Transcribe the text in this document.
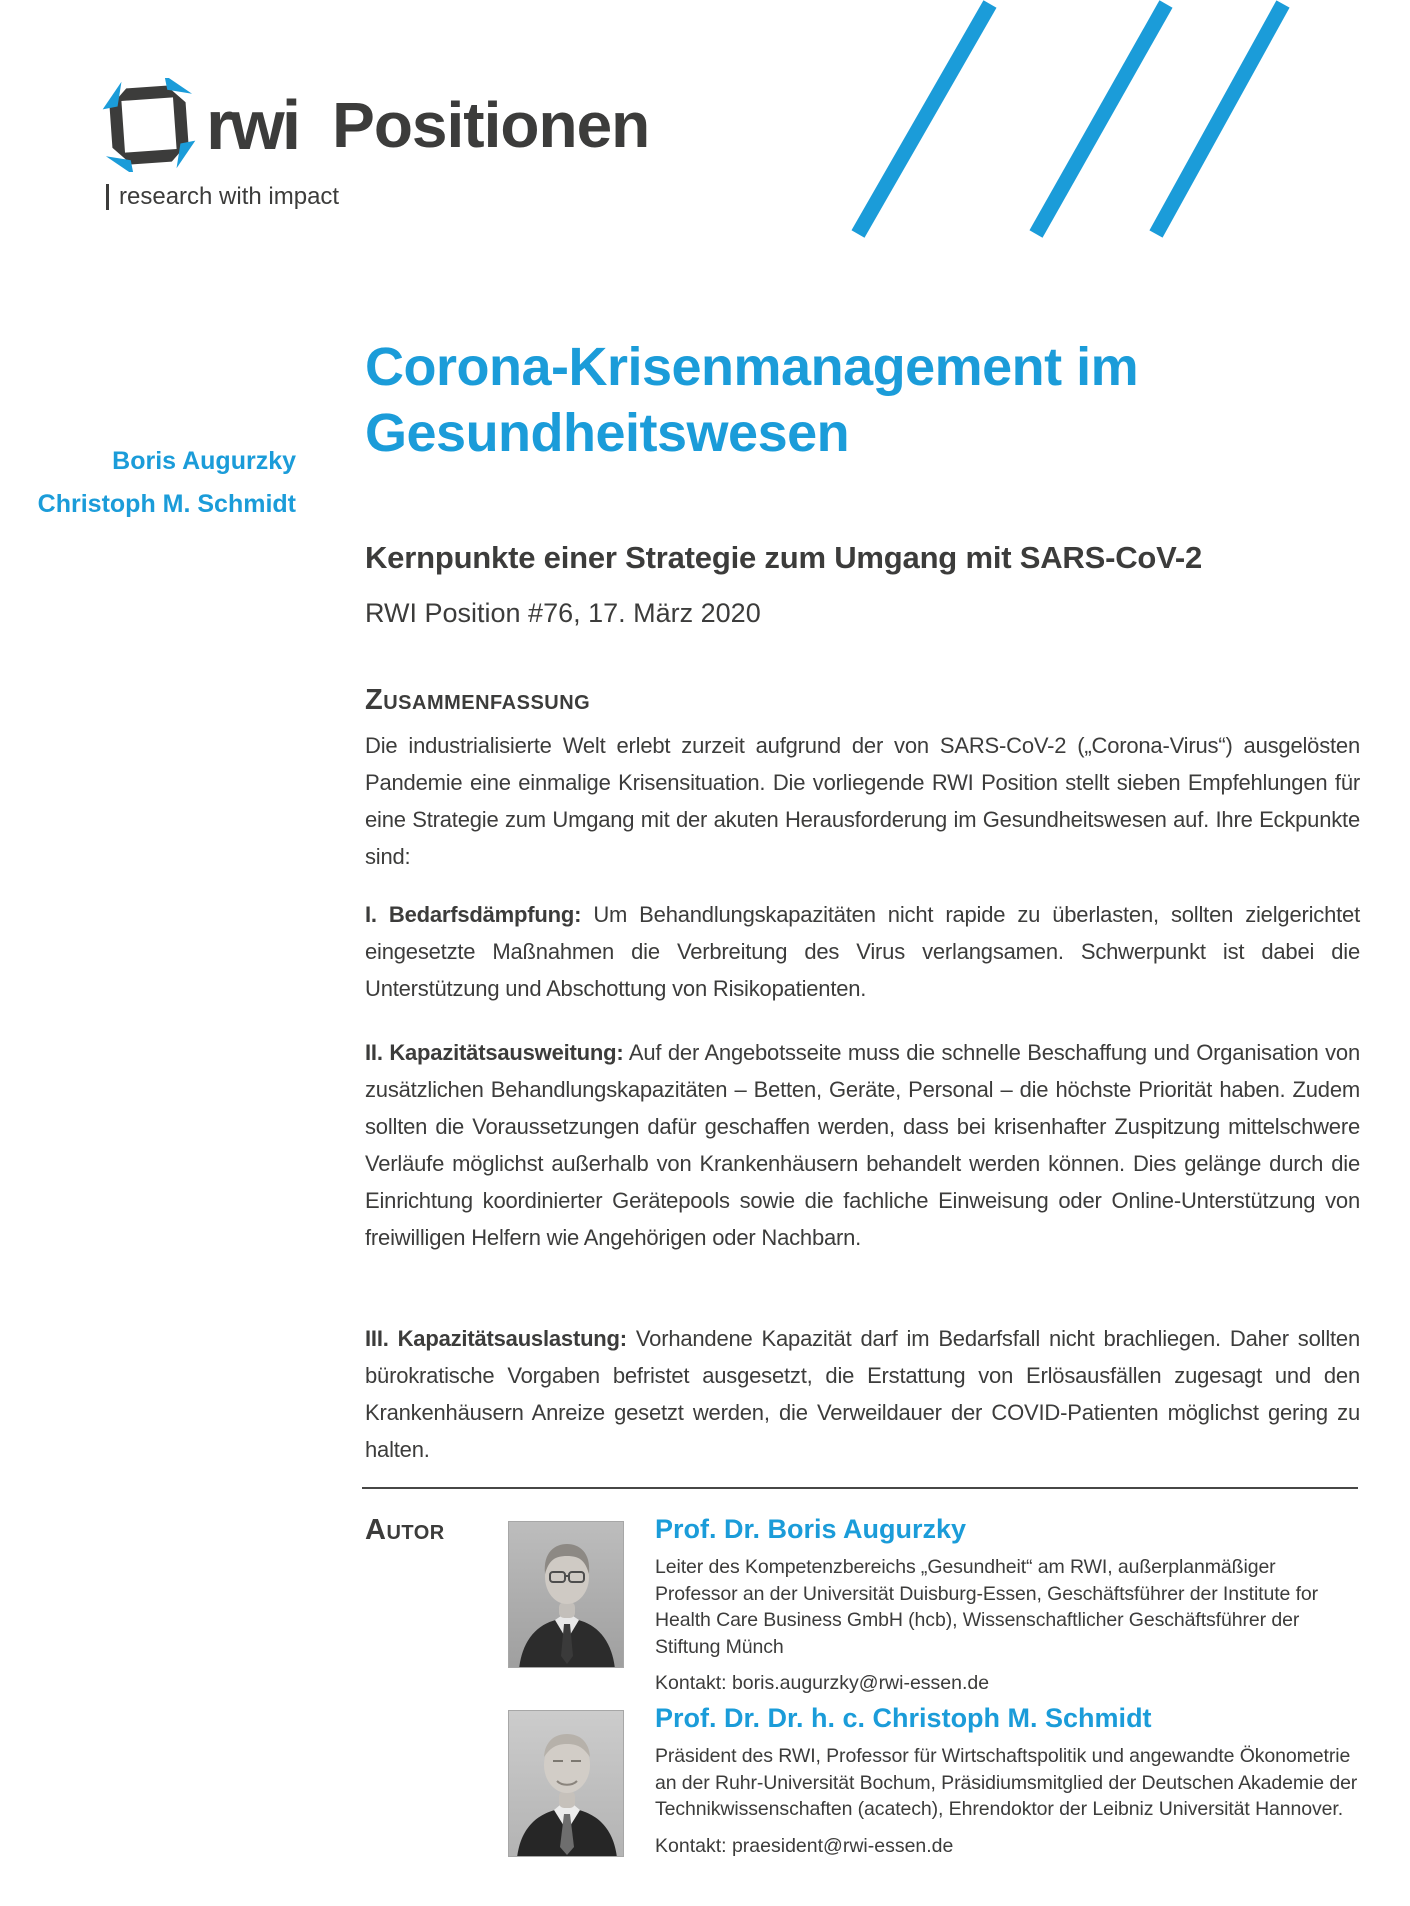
rwi Positionen
research with impact
Boris Augurzky
Christoph M. Schmidt
Corona-Krisenmanagement im
Gesundheitswesen
Kernpunkte einer Strategie zum Umgang mit SARS-CoV-2
RWI Position #76, 17. März 2020
Zusammenfassung

Die industrialisierte Welt erlebt zurzeit aufgrund der von SARS-CoV-2 („Corona-Virus“) ausgelösten Pandemie eine einmalige Krisensituation. Die vorliegende RWI Position stellt sieben Empfehlungen für eine Strategie zum Umgang mit der akuten Herausforderung im Gesundheitswesen auf. Ihre Eckpunkte sind:

I. Bedarfsdämpfung: Um Behandlungskapazitäten nicht rapide zu überlasten, sollten zielgerichtet eingesetzte Maßnahmen die Verbreitung des Virus verlangsamen. Schwerpunkt ist dabei die Unterstützung und Abschottung von Risikopatienten.

II. Kapazitätsausweitung: Auf der Angebotsseite muss die schnelle Beschaffung und Organisation von zusätzlichen Behandlungskapazitäten – Betten, Geräte, Personal – die höchste Priorität haben. Zudem sollten die Voraussetzungen dafür geschaffen werden, dass bei krisenhafter Zuspitzung mittelschwere Verläufe möglichst außerhalb von Krankenhäusern behandelt werden können. Dies gelänge durch die Einrichtung koordinierter Gerätepools sowie die fachliche Einweisung oder Online-Unterstützung von freiwilligen Helfern wie Angehörigen oder Nachbarn.

III. Kapazitätsauslastung: Vorhandene Kapazität darf im Bedarfsfall nicht brachliegen. Daher sollten bürokratische Vorgaben befristet ausgesetzt, die Erstattung von Erlösausfällen zugesagt und den Krankenhäusern Anreize gesetzt werden, die Verweildauer der COVID-Patienten möglichst gering zu halten.

Autor	Prof. Dr. Boris Augurzky
Leiter des Kompetenzbereichs „Gesundheit“ am RWI, außerplanmäßiger Professor an der Universität Duisburg-Essen, Geschäftsführer der Institute for Health Care Business GmbH (hcb), Wissenschaftlicher Geschäftsführer der Stiftung Münch
Kontakt: boris.augurzky@rwi-essen.de
Prof. Dr. Dr. h. c. Christoph M. Schmidt
Präsident des RWI, Professor für Wirtschaftspolitik und angewandte Ökonometrie an der Ruhr-Universität Bochum, Präsidiumsmitglied der Deutschen Akademie der Technikwissenschaften (acatech), Ehrendoktor der Leibniz Universität Hannover.
Kontakt: praesident@rwi-essen.de
